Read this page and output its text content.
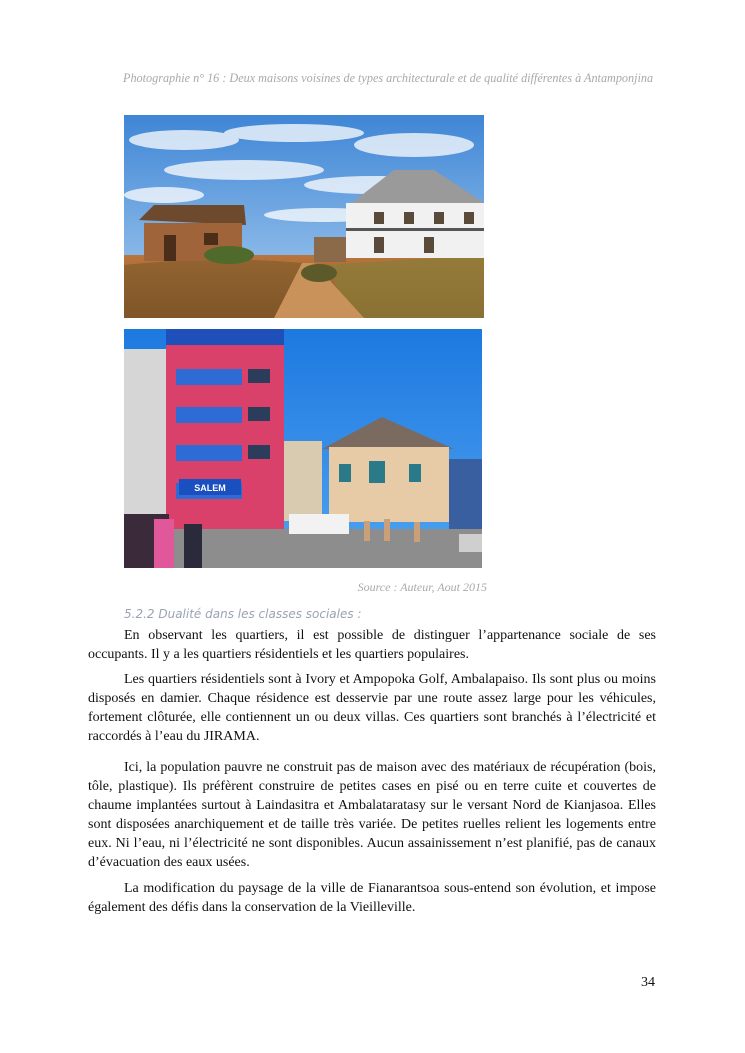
Photographie n° 16 : Deux maisons voisines de types architecturale et de qualité différentes à Antamponjina
SALEM
Source : Auteur, Aout 2015
5.2.2 Dualité dans les classes sociales :

En observant les quartiers, il est possible de distinguer l’appartenance sociale de ses occupants. Il y a les quartiers résidentiels et les quartiers populaires.

Les quartiers résidentiels sont à Ivory et Ampopoka Golf, Ambalapaiso. Ils sont plus ou moins disposés en damier. Chaque résidence est desservie par une route assez large pour les véhicules, fortement clôturée, elle contiennent un ou deux villas. Ces quartiers sont branchés à l’électricité et raccordés à l’eau du JIRAMA.

Ici, la population pauvre ne construit pas de maison avec des matériaux de récupération (bois, tôle, plastique). Ils préfèrent construire de petites cases en pisé ou en terre cuite et couvertes de chaume implantées surtout à Laindasitra et Ambalataratasy sur le versant Nord de Kianjasoa. Elles sont disposées anarchiquement et de taille très variée. De petites ruelles relient les logements entre eux. Ni l’eau, ni l’électricité ne sont disponibles. Aucun assainissement n’est planifié, pas de canaux d’évacuation des eaux usées.

La modification du paysage de la ville de Fianarantsoa sous-entend son évolution, et impose également des défis dans la conservation de la Vieilleville.

34
